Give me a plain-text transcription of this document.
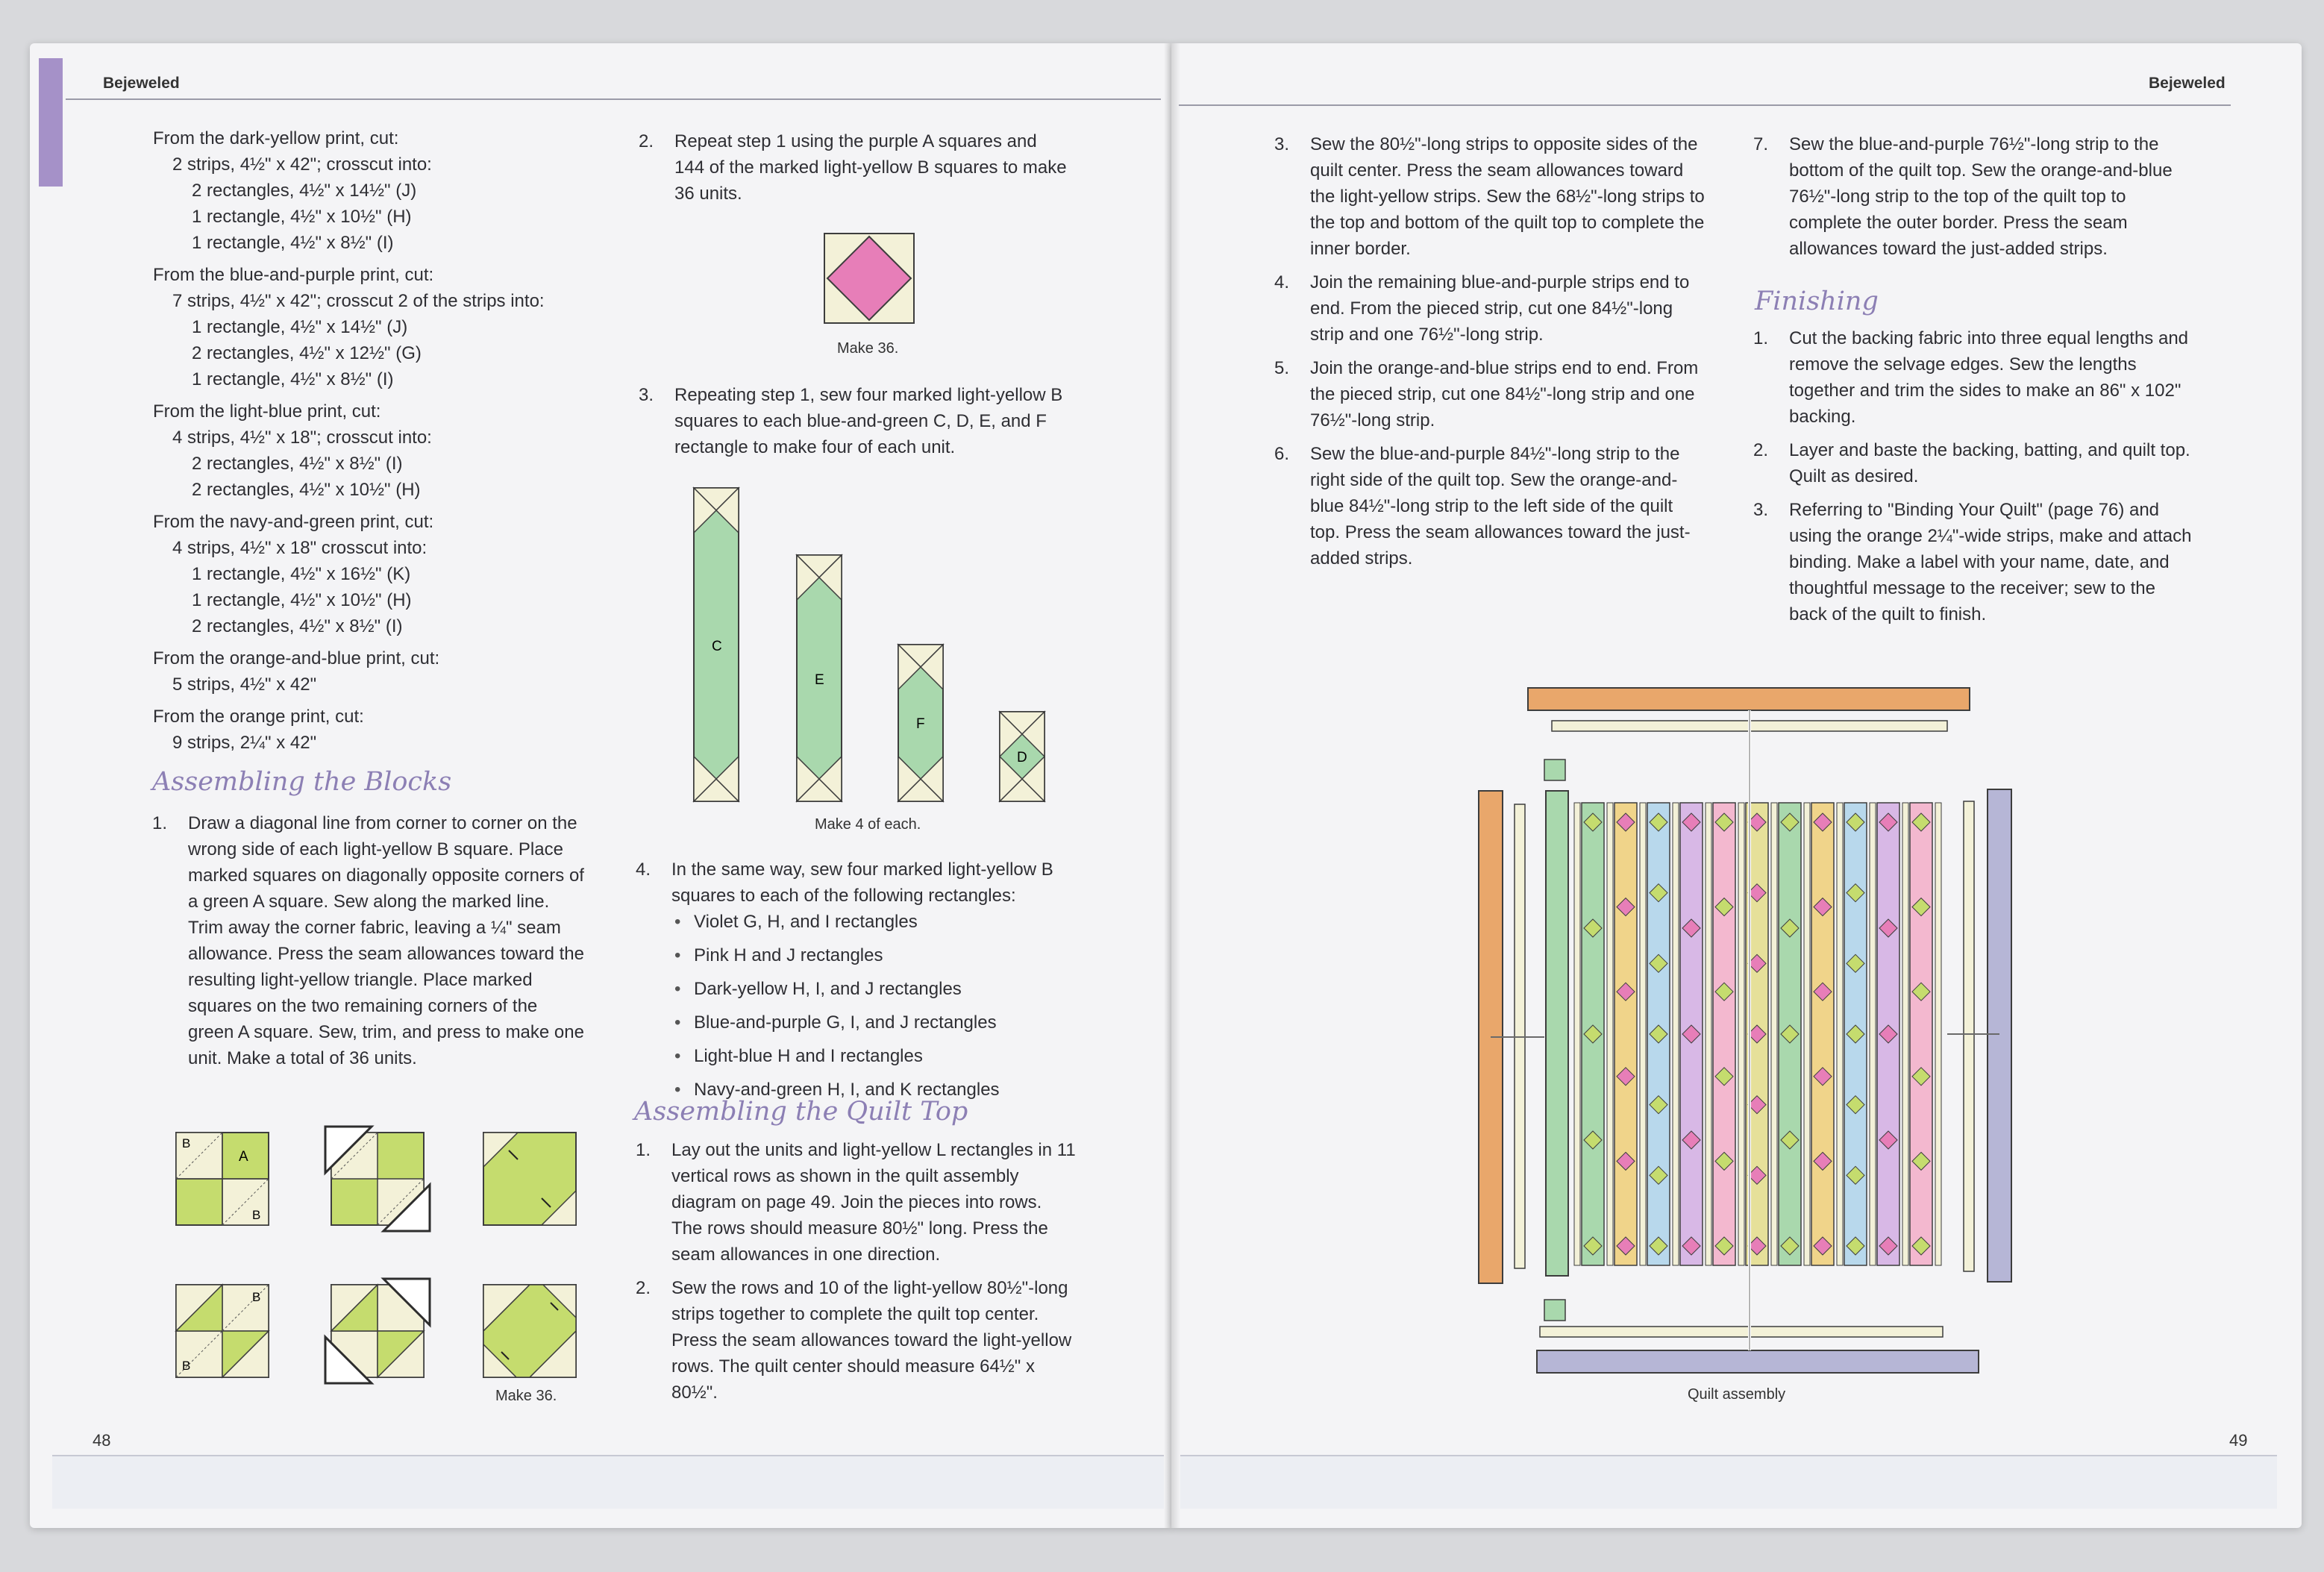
Bejeweled	Bejeweled
48	49

From the dark-yellow print, cut:

2 strips, 4½" x 42"; crosscut into:

2 rectangles, 4½" x 14½" (J)

1 rectangle, 4½" x 10½" (H)

1 rectangle, 4½" x 8½" (I)

From the blue-and-purple print, cut:

7 strips, 4½" x 42"; crosscut 2 of the strips into:

1 rectangle, 4½" x 14½" (J)

2 rectangles, 4½" x 12½" (G)

1 rectangle, 4½" x 8½" (I)

From the light-blue print, cut:

4 strips, 4½" x 18"; crosscut into:

2 rectangles, 4½" x 8½" (I)

2 rectangles, 4½" x 10½" (H)

From the navy-and-green print, cut:

4 strips, 4½" x 18" crosscut into:

1 rectangle, 4½" x 16½" (K)

1 rectangle, 4½" x 10½" (H)

2 rectangles, 4½" x 8½" (I)

From the orange-and-blue print, cut:

5 strips, 4½" x 42"

From the orange print, cut:

9 strips, 2¼" x 42"

Assembling the Blocks
1. Draw a diagonal line from corner to corner on the wrong side of each light-yellow B square. Place marked squares on diagonally opposite corners of a green A square. Sew along the marked line. Trim away the corner fabric, leaving a ¼" seam allowance. Press the seam allowances toward the resulting light-yellow triangle. Place marked squares on the two remaining corners of the green A square. Sew, trim, and press to make one unit. Make a total of 36 units.
B
A
B
B
B
Make 36.
2. Repeat step 1 using the purple A squares and 144 of the marked light-yellow B squares to make 36 units.
Make 36.
3. Repeating step 1, sew four marked light-yellow B squares to each blue-and-green C, D, E, and F rectangle to make four of each unit.
C
E
F
D
Make 4 of each.
4. In the same way, sew four marked light-yellow B squares to each of the following rectangles:
• Violet G, H, and I rectangles
• Pink H and J rectangles
• Dark-yellow H, I, and J rectangles
• Blue-and-purple G, I, and J rectangles
• Light-blue H and I rectangles
• Navy-and-green H, I, and K rectangles
Assembling the Quilt Top
1. Lay out the units and light-yellow L rectangles in 11 vertical rows as shown in the quilt assembly diagram on page 49. Join the pieces into rows. The rows should measure 80½" long. Press the seam allowances in one direction.
2. Sew the rows and 10 of the light-yellow 80½"-long strips together to complete the quilt top center. Press the seam allowances toward the light-yellow rows. The quilt center should measure 64½" x 80½".
3. Sew the 80½"-long strips to opposite sides of the quilt center. Press the seam allowances toward the light-yellow strips. Sew the 68½"-long strips to the top and bottom of the quilt top to complete the inner border.
4. Join the remaining blue-and-purple strips end to end. From the pieced strip, cut one 84½"-long strip and one 76½"-long strip.
5. Join the orange-and-blue strips end to end. From the pieced strip, cut one 84½"-long strip and one 76½"-long strip.
6. Sew the blue-and-purple 84½"-long strip to the right side of the quilt top. Sew the orange-and-blue 84½"-long strip to the left side of the quilt top. Press the seam allowances toward the just-added strips.
7. Sew the blue-and-purple 76½"-long strip to the bottom of the quilt top. Sew the orange-and-blue 76½"-long strip to the top of the quilt top to complete the outer border. Press the seam allowances toward the just-added strips.
Finishing
1. Cut the backing fabric into three equal lengths and remove the selvage edges. Sew the lengths together and trim the sides to make an 86" x 102" backing.
2. Layer and baste the backing, batting, and quilt top. Quilt as desired.
3. Referring to "Binding Your Quilt" (page 76) and using the orange 2¼"-wide strips, make and attach binding. Make a label with your name, date, and thoughtful message to the receiver; sew to the back of the quilt to finish.
Quilt assembly
